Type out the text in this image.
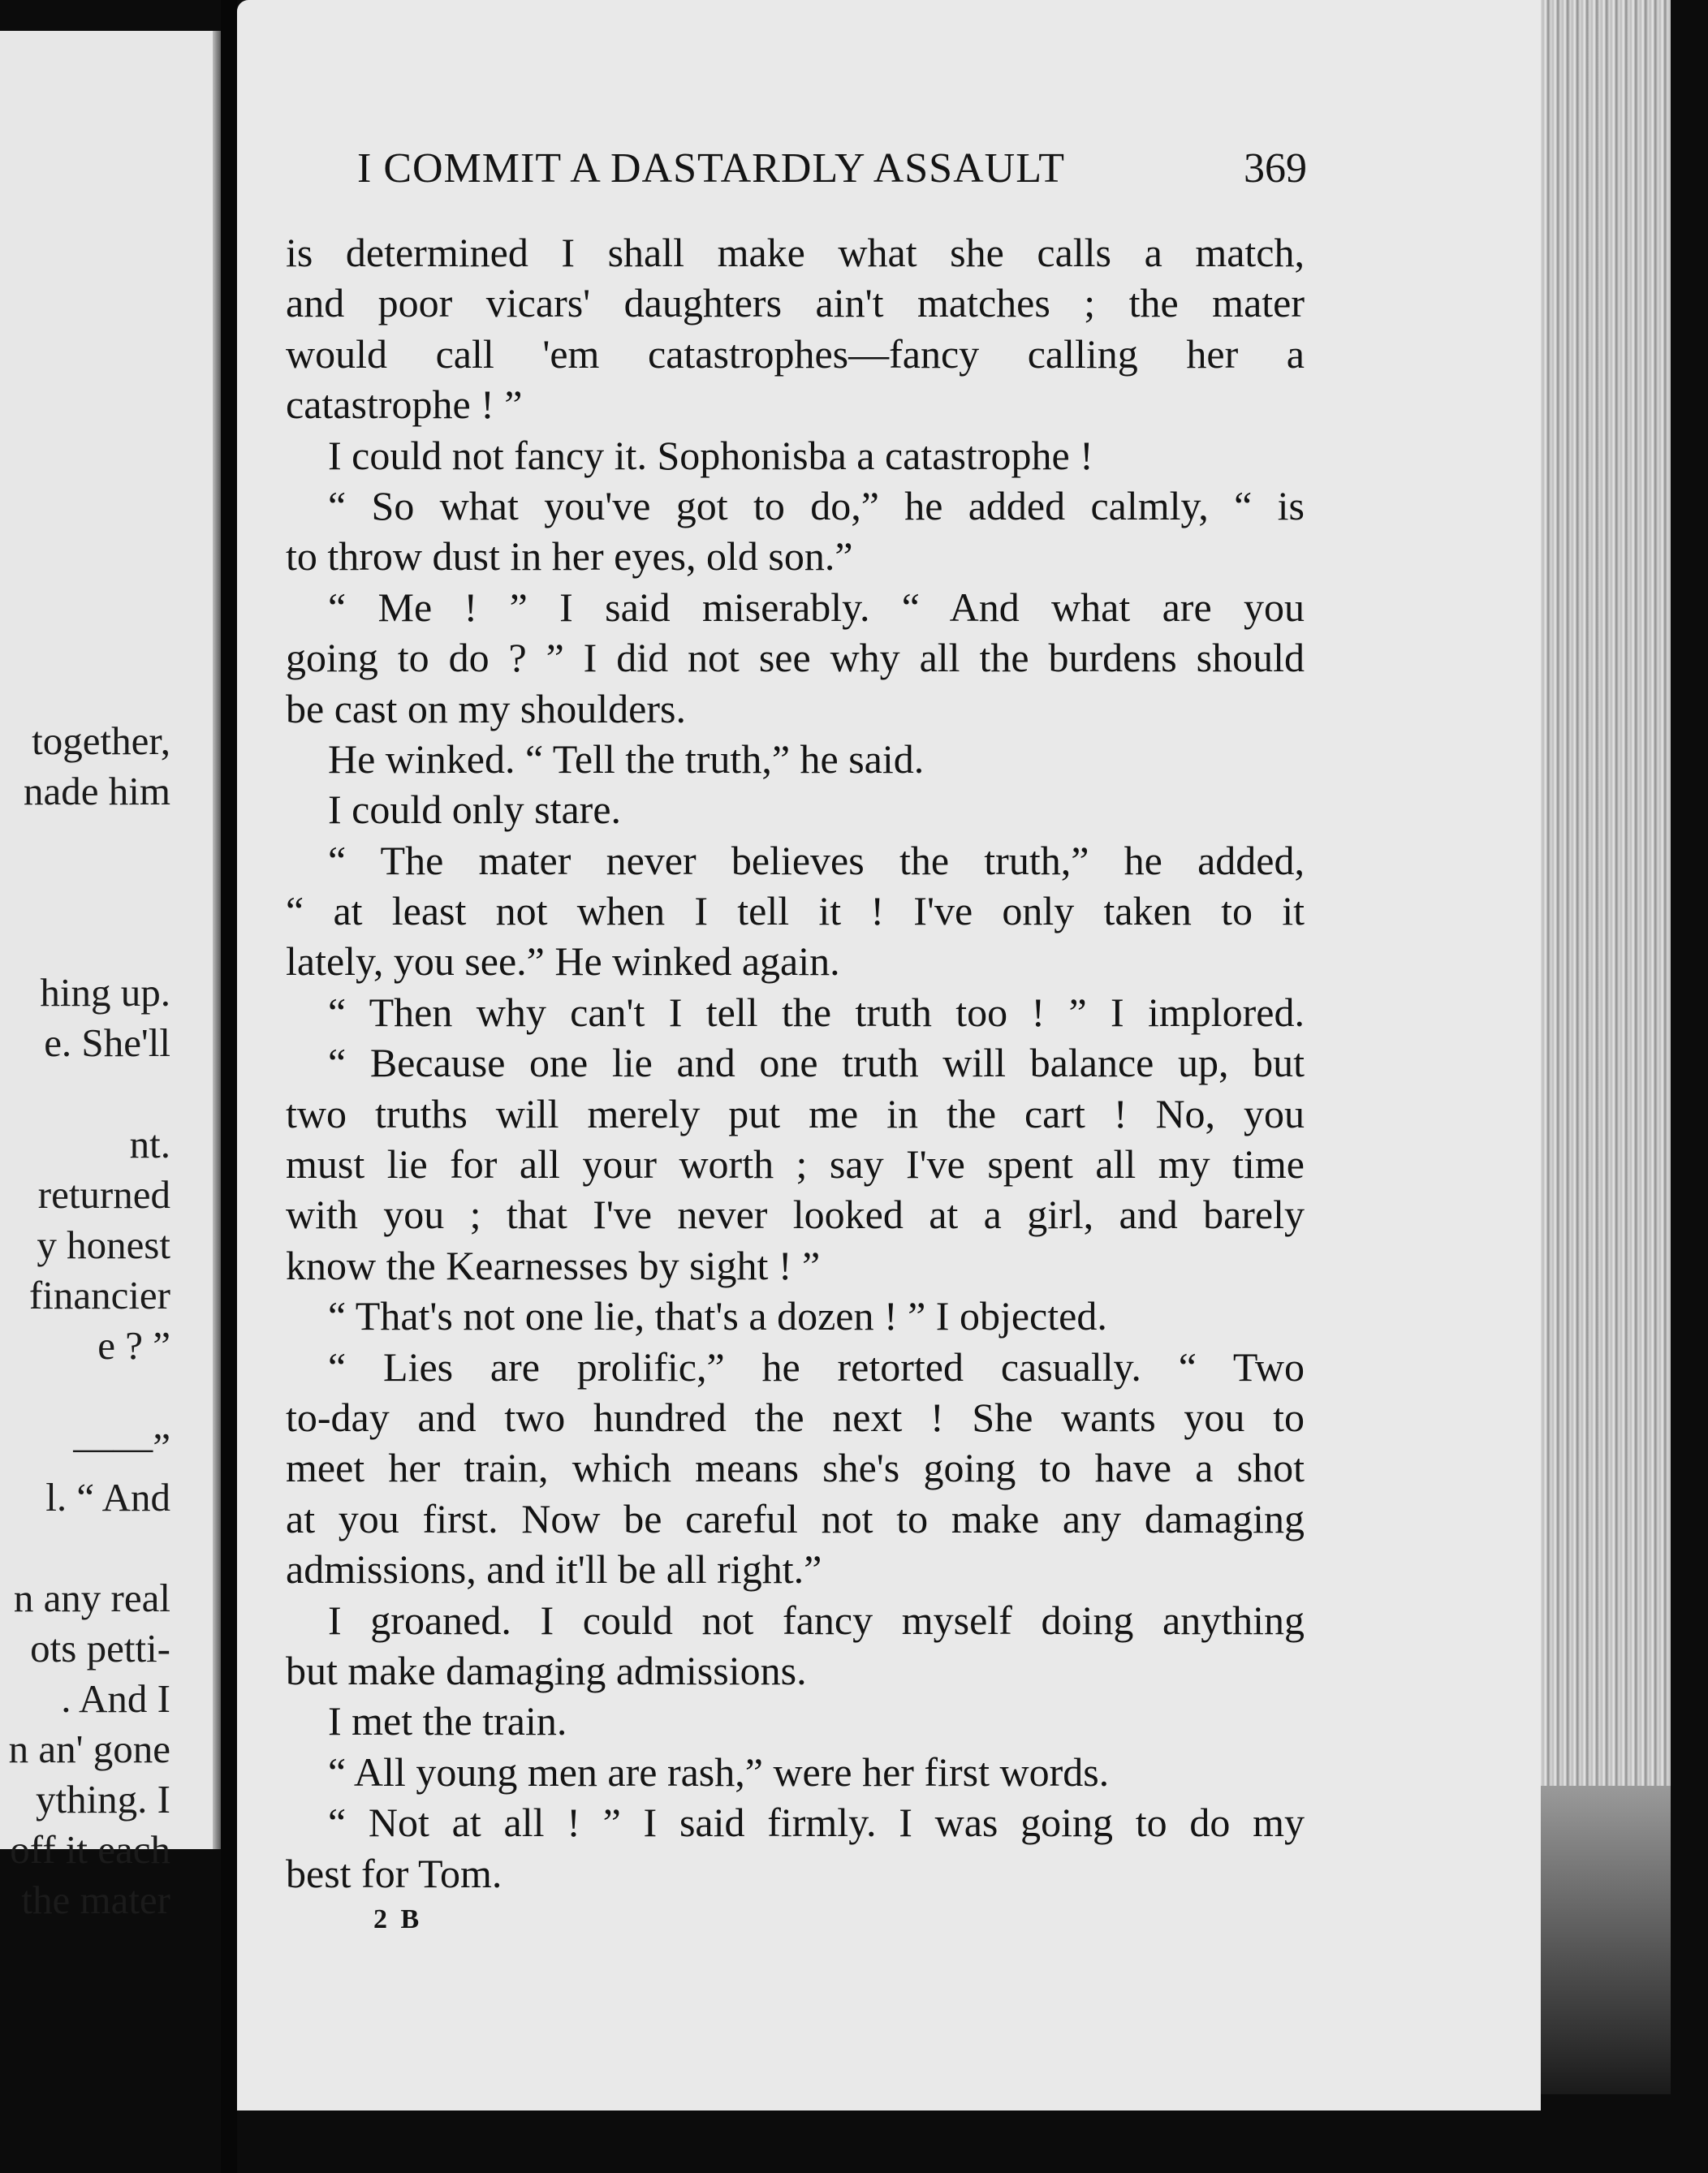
together,
nade him
hing up.
e. She'll
nt.
returned
y honest
financier
e ? ”
——”
l. “ And
n any real
ots petti-
. And I
n an' gone
ything. I
off it each
the mater
I COMMIT A DASTARDLY ASSAULT	369
is determined I shall make what she calls a match,
and poor vicars' daughters ain't matches ; the mater
would call 'em catastrophes—fancy calling her a
catastrophe ! ”
I could not fancy it. Sophonisba a catastrophe !
“ So what you've got to do,” he added calmly, “ is
to throw dust in her eyes, old son.”
“ Me ! ” I said miserably. “ And what are you
going to do ? ” I did not see why all the burdens should
be cast on my shoulders.
He winked. “ Tell the truth,” he said.
I could only stare.
“ The mater never believes the truth,” he added,
“ at least not when I tell it ! I've only taken to it
lately, you see.” He winked again.
“ Then why can't I tell the truth too ! ” I implored.
“ Because one lie and one truth will balance up, but
two truths will merely put me in the cart ! No, you
must lie for all your worth ; say I've spent all my time
with you ; that I've never looked at a girl, and barely
know the Kearnesses by sight ! ”
“ That's not one lie, that's a dozen ! ” I objected.
“ Lies are prolific,” he retorted casually. “ Two
to-day and two hundred the next ! She wants you to
meet her train, which means she's going to have a shot
at you first. Now be careful not to make any damaging
admissions, and it'll be all right.”
I groaned. I could not fancy myself doing anything
but make damaging admissions.
I met the train.
“ All young men are rash,” were her first words.
“ Not at all ! ” I said firmly. I was going to do my
best for Tom.
2 B
